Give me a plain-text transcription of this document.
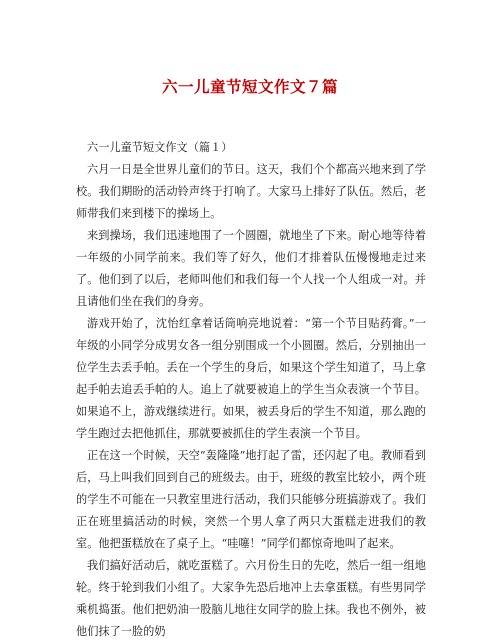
六一儿童节短文作文７篇

六一儿童节短文作文（篇１）

六月一日是全世界儿童们的节日。这天，我们个个都高兴地来到了学校。我们期盼的活动铃声终于打响了。大家马上排好了队伍。然后，老师带我们来到楼下的操场上。

来到操场，我们迅速地围了一个圆圈，就地坐了下来。耐心地等待着一年级的小同学前来。我们等了好久，他们才排着队伍慢慢地走过来了。他们到了以后，老师叫他们和我们每一个人找一个人组成一对。并且请他们坐在我们的身旁。

游戏开始了，沈怡红拿着话筒响亮地说着：“第一个节目贴药膏。”一年级的小同学分成男女各一组分别围成一个小圆圈。然后，分别抽出一位学生去丢手帕。丢在一个学生的身后，如果这个学生知道了，马上拿起手帕去追丢手帕的人。追上了就要被追上的学生当众表演一个节目。如果追不上，游戏继续进行。如果，被丢身后的学生不知道，那么跑的学生跑过去把他抓住，那就要被抓住的学生表演一个节目。

正在这一个时候，天空“轰隆隆”地打起了雷，还闪起了电。教师看到后，马上叫我们回到自己的班级去。由于，班级的教室比较小，两个班的学生不可能在一只教室里进行活动，我们只能够分班搞游戏了。我们正在班里搞活动的时候，突然一个男人拿了两只大蛋糕走进我们的教室。他把蛋糕放在了桌子上。“哇噻！”同学们都惊奇地叫了起来。

我们搞好活动后，就吃蛋糕了。六月份生日的先吃，然后一组一组地轮。终于轮到我们小组了。大家争先恐后地冲上去拿蛋糕。有些男同学乘机捣蛋。他们把奶油一股脑儿地往女同学的脸上抹。我也不例外，被他们抹了一脸的奶
